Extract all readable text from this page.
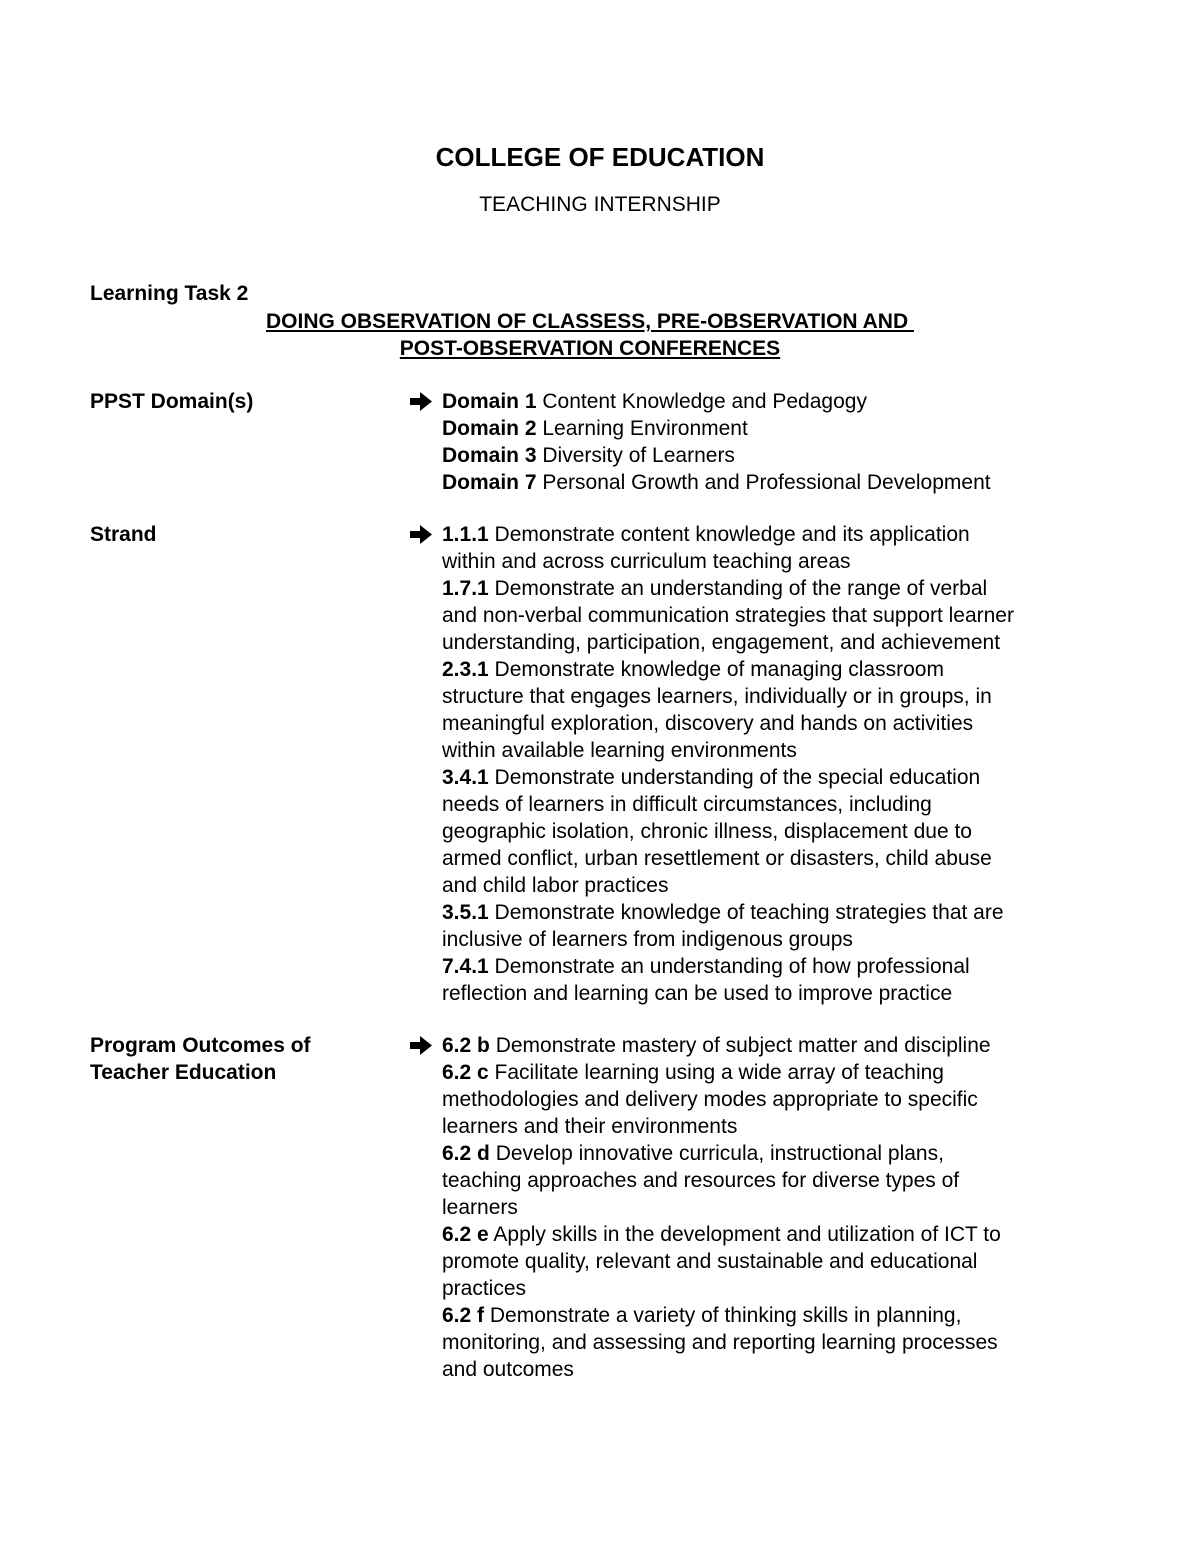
COLLEGE OF EDUCATION
TEACHING INTERNSHIP
Learning Task 2
DOING OBSERVATION OF CLASSESS, PRE-OBSERVATION AND
POST-OBSERVATION CONFERENCES
PPST Domain(s)	Domain 1 Content Knowledge and Pedagogy
Domain 2 Learning Environment
Domain 3 Diversity of Learners
Domain 7 Personal Growth and Professional Development
Strand	1.1.1 Demonstrate content knowledge and its application
within and across curriculum teaching areas
1.7.1 Demonstrate an understanding of the range of verbal
and non-verbal communication strategies that support learner
understanding, participation, engagement, and achievement
2.3.1 Demonstrate knowledge of managing classroom
structure that engages learners, individually or in groups, in
meaningful exploration, discovery and hands on activities
within available learning environments
3.4.1 Demonstrate understanding of the special education
needs of learners in difficult circumstances, including
geographic isolation, chronic illness, displacement due to
armed conflict, urban resettlement or disasters, child abuse
and child labor practices
3.5.1 Demonstrate knowledge of teaching strategies that are
inclusive of learners from indigenous groups
7.4.1 Demonstrate an understanding of how professional
reflection and learning can be used to improve practice
Program Outcomes of
Teacher Education
6.2 b Demonstrate mastery of subject matter and discipline
6.2 c Facilitate learning using a wide array of teaching
methodologies and delivery modes appropriate to specific
learners and their environments
6.2 d Develop innovative curricula, instructional plans,
teaching approaches and resources for diverse types of
learners
6.2 e Apply skills in the development and utilization of ICT to
promote quality, relevant and sustainable and educational
practices
6.2 f Demonstrate a variety of thinking skills in planning,
monitoring, and assessing and reporting learning processes
and outcomes
